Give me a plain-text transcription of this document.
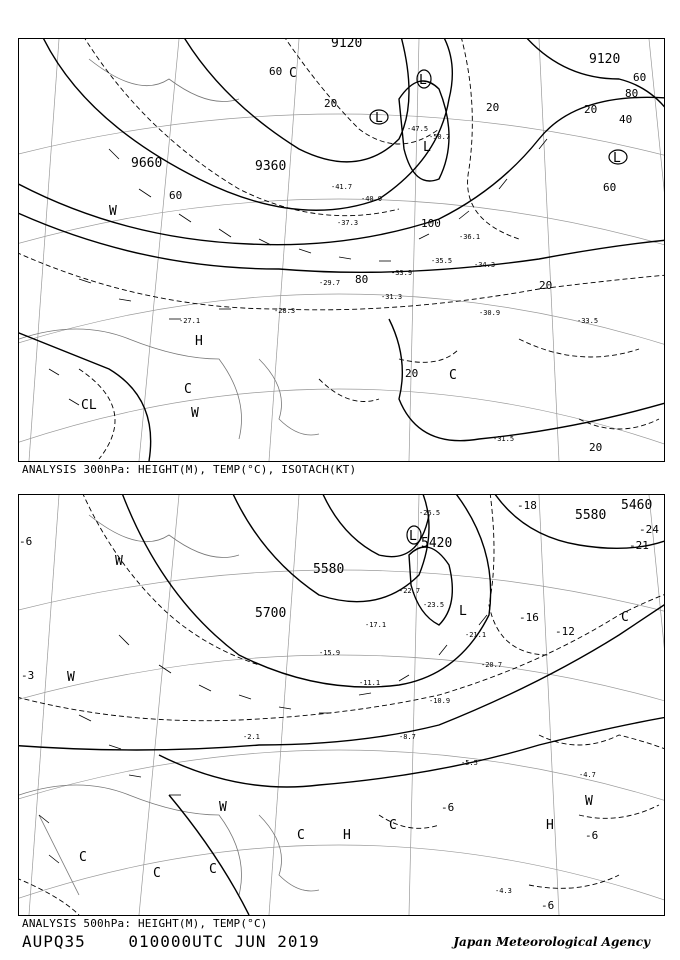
9120
9120
9660	9360
60
20	20
60
20
80
40
60
60
100
80	20
20
20
L
L
L
L
H
C
C
W
W
CL
C
-50.7
-47.5
-41.7
-40.9
-37.3
-36.1
-35.5	-34.3
-33.9
-31.3
-30.9
-29.7
-28.3
-27.1	-33.5
-31.5
ANALYSIS 300hPa: HEIGHT(M), TEMP(°C), ISOTACH(KT)
5580
5460
5580
5700
5420
-18
-24
-21
-16
-12
-3
-6
-6
-6
-6
L
L
H
H
W
W
W	W
C
C	C
C
C
C
-26.5
-22.7
-23.5
-21.1
-20.7
-17.1
-15.9
-11.1
-10.9
-8.7
-5.5
-4.7
-4.3
-2.1
ANALYSIS 500hPa: HEIGHT(M), TEMP(°C)
AUPQ35	010000UTC JUN 2019	Japan Meteorological Agency
